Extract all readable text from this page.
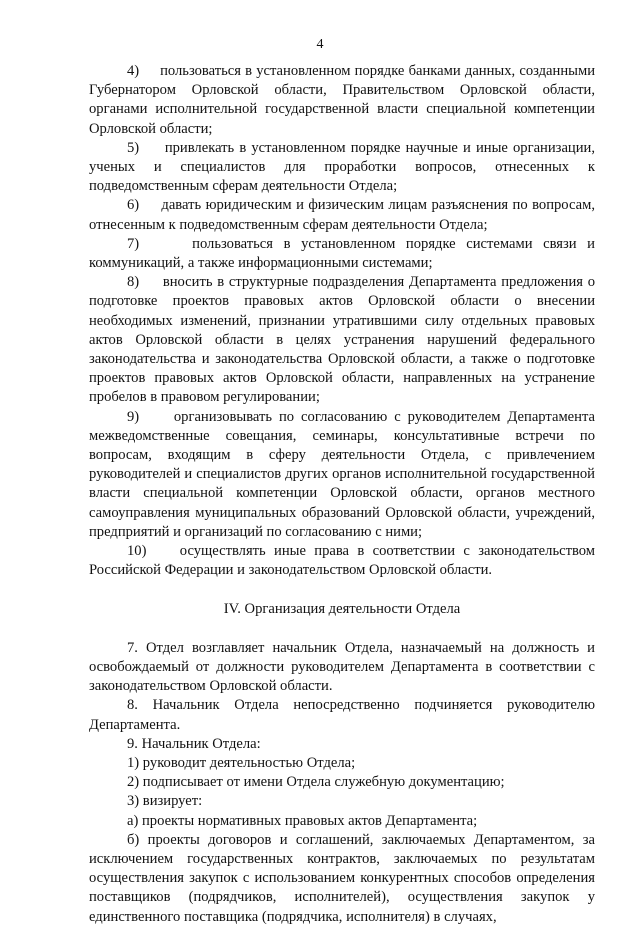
4

4)     пользоваться в установленном порядке банками данных, созданными Губернатором Орловской области, Правительством Орловской области, органами исполнительной государственной власти специальной компетенции Орловской области;

5)     привлекать в установленном порядке научные и иные организации, ученых и специалистов для проработки вопросов, отнесенных к подведомственным сферам деятельности Отдела;

6)     давать юридическим и физическим лицам разъяснения по вопросам, отнесенным к подведомственным сферам деятельности Отдела;

7)     пользоваться в установленном порядке системами связи и коммуникаций, а также информационными системами;

8)     вносить в структурные подразделения Департамента предложения о подготовке проектов правовых актов Орловской области о внесении необходимых изменений, признании утратившими силу отдельных правовых актов Орловской области в целях устранения нарушений федерального законодательства и законодательства Орловской области, а также о подготовке проектов правовых актов Орловской области, направленных на устранение пробелов в правовом регулировании;

9)     организовывать по согласованию с руководителем Департамента межведомственные совещания, семинары, консультативные встречи по вопросам, входящим в сферу деятельности Отдела, с привлечением руководителей и специалистов других органов исполнительной государственной власти специальной компетенции Орловской области, органов местного самоуправления муниципальных образований Орловской области, учреждений, предприятий и организаций по согласованию с ними;

10)    осуществлять иные права в соответствии с законодательством Российской Федерации и законодательством Орловской области.

IV. Организация деятельности Отдела

7. Отдел возглавляет начальник Отдела, назначаемый на должность и освобождаемый от должности руководителем Департамента в соответствии с законодательством Орловской области.

8. Начальник Отдела непосредственно подчиняется руководителю Департамента.

9. Начальник Отдела:

1) руководит деятельностью Отдела;

2) подписывает от имени Отдела служебную документацию;

3) визирует:

а) проекты нормативных правовых актов Департамента;

б) проекты договоров и соглашений, заключаемых Департаментом, за исключением государственных контрактов, заключаемых по результатам осуществления закупок с использованием конкурентных способов определения поставщиков (подрядчиков, исполнителей), осуществления закупок у единственного поставщика (подрядчика, исполнителя) в случаях,
